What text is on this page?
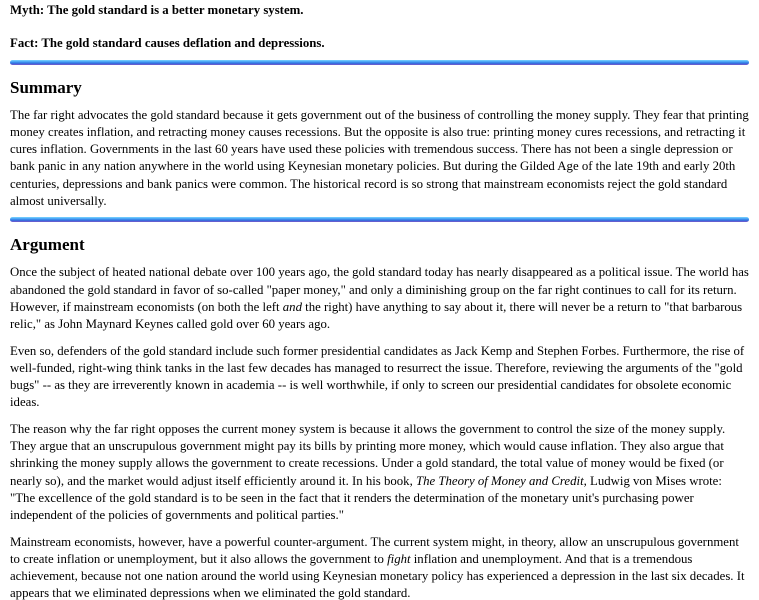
Myth: The gold standard is a better monetary system.

Fact: The gold standard causes deflation and depressions.

Summary

The far right advocates the gold standard because it gets government out of the business of controlling the money supply. They fear that printing money creates inflation, and retracting money causes recessions. But the opposite is also true: printing money cures recessions, and retracting it cures inflation. Governments in the last 60 years have used these policies with tremendous success. There has not been a single depression or bank panic in any nation anywhere in the world using Keynesian monetary policies. But during the Gilded Age of the late 19th and early 20th centuries, depressions and bank panics were common. The historical record is so strong that mainstream economists reject the gold standard almost universally.

Argument

Once the subject of heated national debate over 100 years ago, the gold standard today has nearly disappeared as a political issue. The world has abandoned the gold standard in favor of so-called "paper money," and only a diminishing group on the far right continues to call for its return. However, if mainstream economists (on both the left and the right) have anything to say about it, there will never be a return to "that barbarous relic," as John Maynard Keynes called gold over 60 years ago.

Even so, defenders of the gold standard include such former presidential candidates as Jack Kemp and Stephen Forbes. Furthermore, the rise of well-funded, right-wing think tanks in the last few decades has managed to resurrect the issue. Therefore, reviewing the arguments of the "gold bugs" -- as they are irreverently known in academia -- is well worthwhile, if only to screen our presidential candidates for obsolete economic ideas.

The reason why the far right opposes the current money system is because it allows the government to control the size of the money supply. They argue that an unscrupulous government might pay its bills by printing more money, which would cause inflation. They also argue that shrinking the money supply allows the government to create recessions. Under a gold standard, the total value of money would be fixed (or nearly so), and the market would adjust itself efficiently around it. In his book, The Theory of Money and Credit, Ludwig von Mises wrote: "The excellence of the gold standard is to be seen in the fact that it renders the determination of the monetary unit's purchasing power independent of the policies of governments and political parties."

Mainstream economists, however, have a powerful counter-argument. The current system might, in theory, allow an unscrupulous government to create inflation or unemployment, but it also allows the government to fight inflation and unemployment. And that is a tremendous achievement, because not one nation around the world using Keynesian monetary policy has experienced a depression in the last six decades. It appears that we eliminated depressions when we eliminated the gold standard.
